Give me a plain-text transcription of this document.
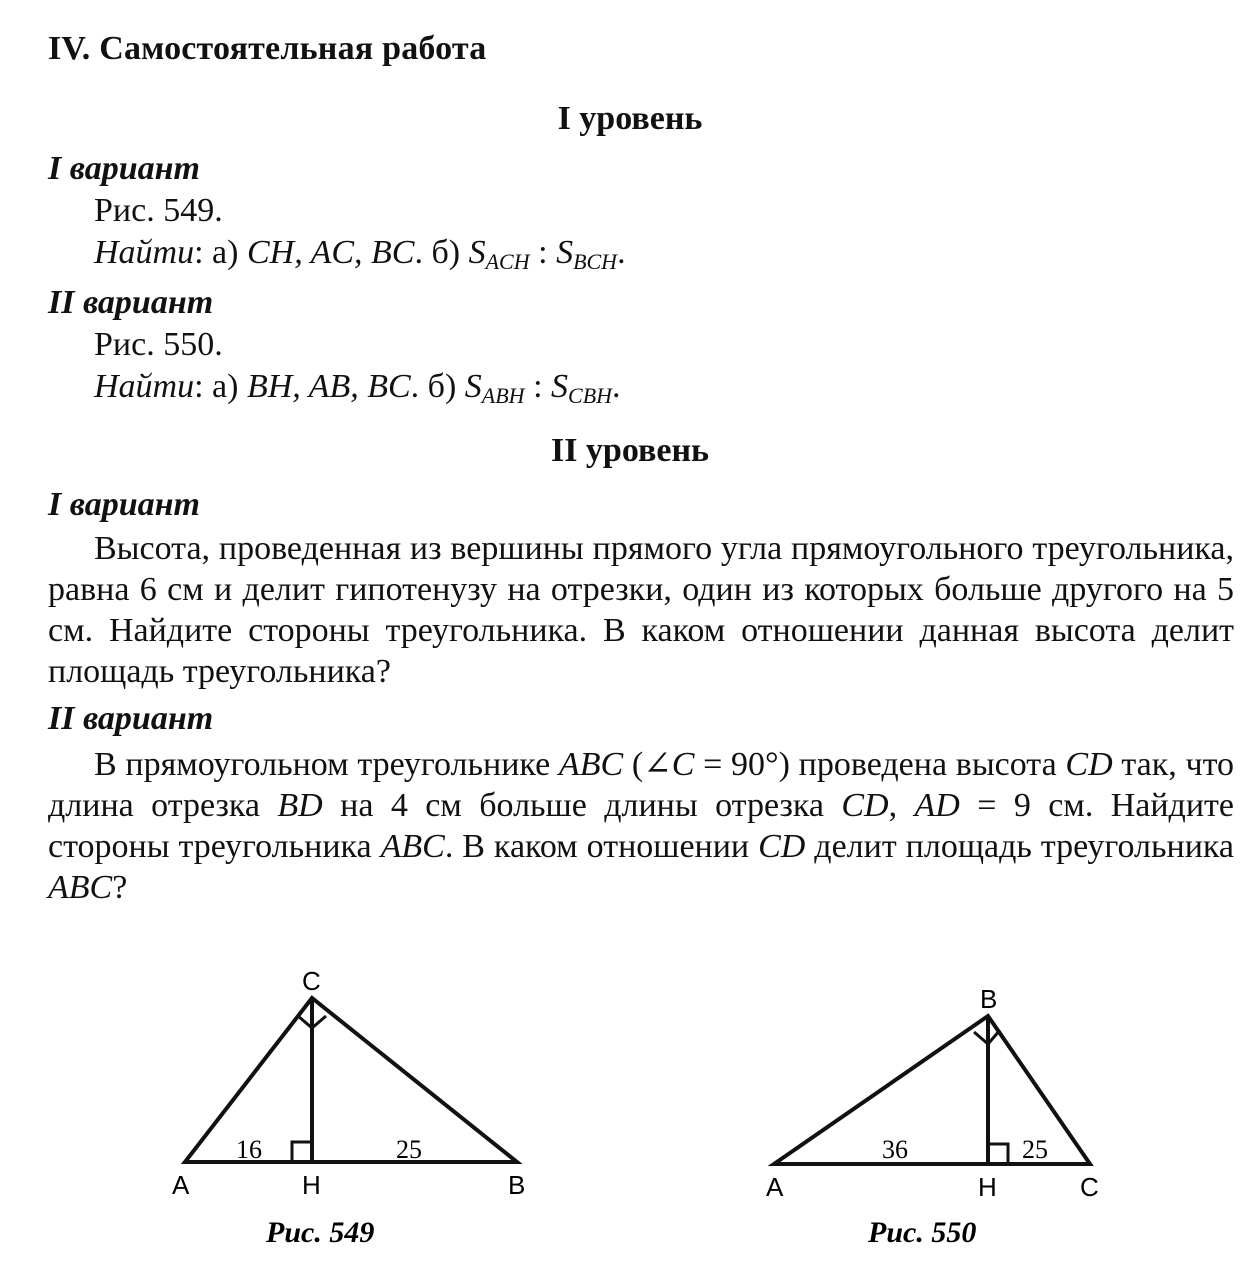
IV. Самостоятельная работа
I уровень
I вариант
Рис. 549.
Найти: а) CH, AC, BC. б) $S_{ACH}$ : $S_{BCH}$.
II вариант
Рис. 550.
Найти: а) BH, AB, BC. б) $S_{ABH}$ : $S_{CBH}$.
II уровень
I вариант
Высота, проведенная из вершины прямого угла прямоугольного треугольника, равна 6 см и делит гипотенузу на отрезки, один из которых больше другого на 5 см. Найдите стороны треугольника. В каком отношении данная высота делит площадь треугольника?
II вариант
В прямоугольном треугольнике ABC (∠C = 90°) проведена высота CD так, что длина отрезка BD на 4 см больше длины отрезка CD, AD = 9 см. Найдите стороны треугольника ABC. В каком отношении CD делит площадь треугольника ABC?
C
A	H	B
16	25
Рис. 549
B
A	H	C
36	25
Рис. 550
